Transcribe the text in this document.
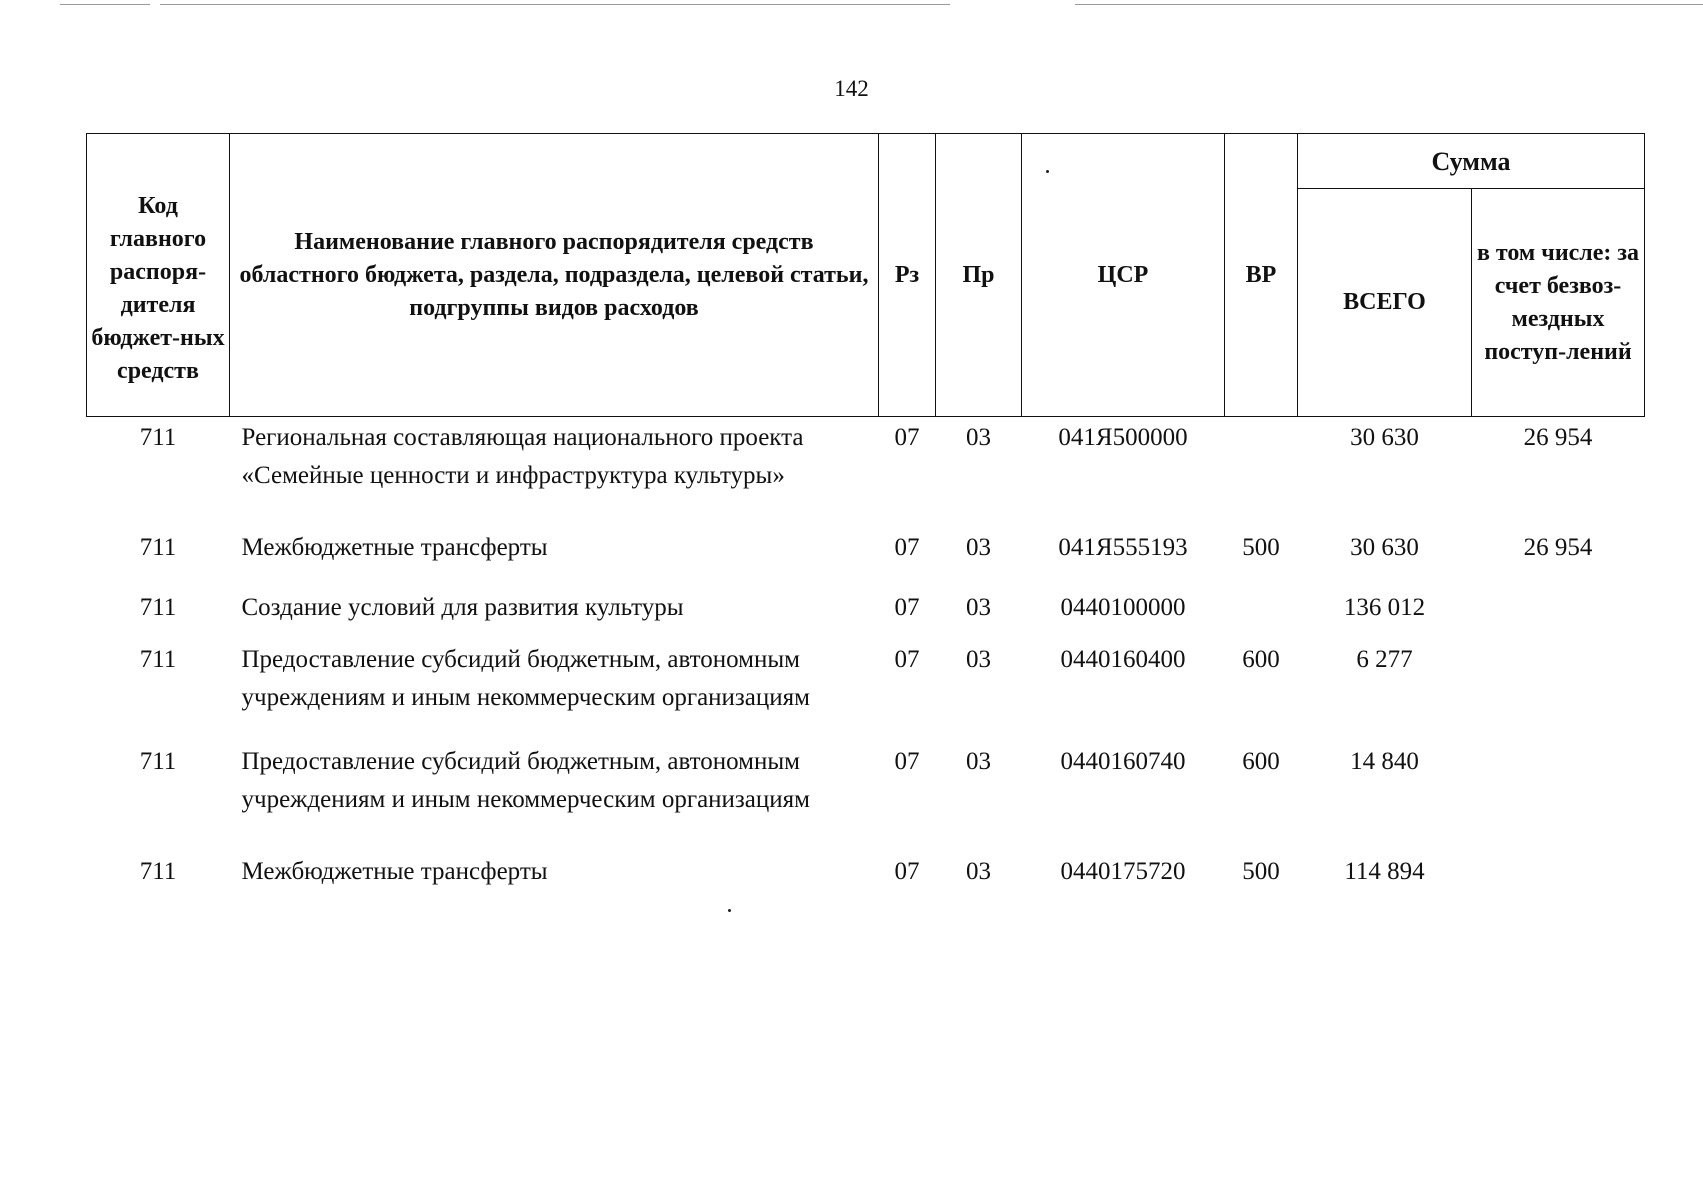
142
Код главного распоря-дителя бюджет-ных средств	Наименование главного распорядителя средств областного бюджета, раздела, подраздела, целевой статьи, подгруппы видов расходов	Рз	Пр	ЦСР	ВР	Сумма	
						ВСЕГО	в том числе: за счет безвоз-мездных поступ-лений
711	Региональная составляющая национального проекта «Семейные ценности и инфраструктура культуры»	07	03	041Я500000		30 630	26 954
711	Межбюджетные трансферты	07	03	041Я555193	500	30 630	26 954
711	Создание условий для развития культуры	07	03	0440100000		136 012	
711	Предоставление субсидий бюджетным, автономным учреждениям и иным некоммерческим организациям	07	03	0440160400	600	6 277	
711	Предоставление субсидий бюджетным, автономным учреждениям и иным некоммерческим организациям	07	03	0440160740	600	14 840	
711	Межбюджетные трансферты	07	03	0440175720	500	114 894	
